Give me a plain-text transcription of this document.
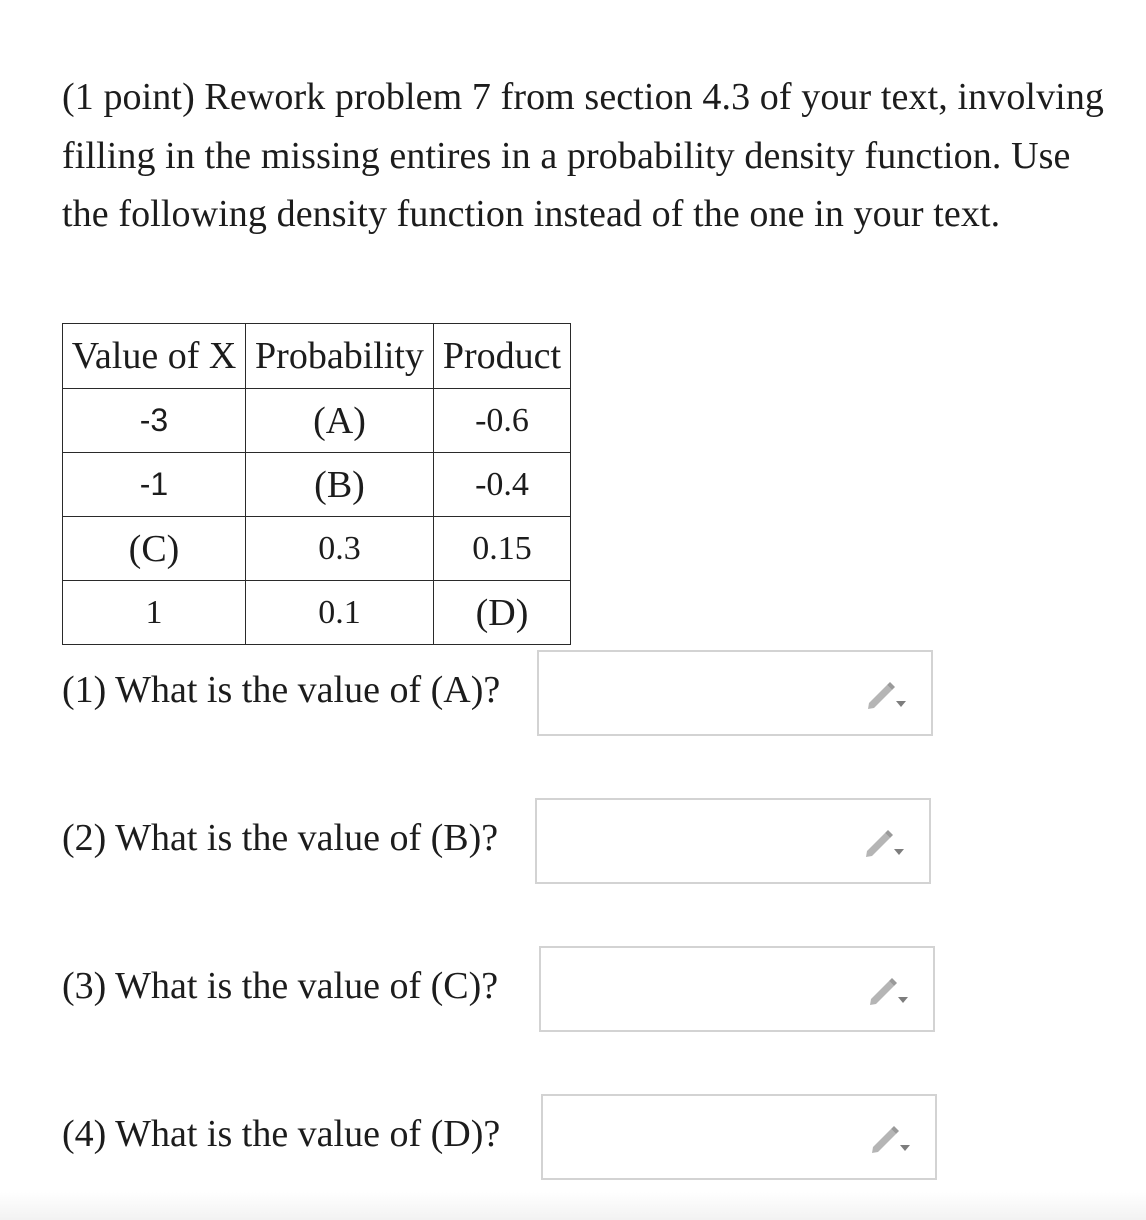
(1 point) Rework problem 7 from section 4.3 of your text, involving filling in the missing entires in a probability density function. Use the following density function instead of the one in your text.

Value of X	Probability	Product
-3	(A)	-0.6
-1	(B)	-0.4
(C)	0.3	0.15
1	0.1	(D)
(1) What is the value of (A)?
(2) What is the value of (B)?
(3) What is the value of (C)?
(4) What is the value of (D)?
